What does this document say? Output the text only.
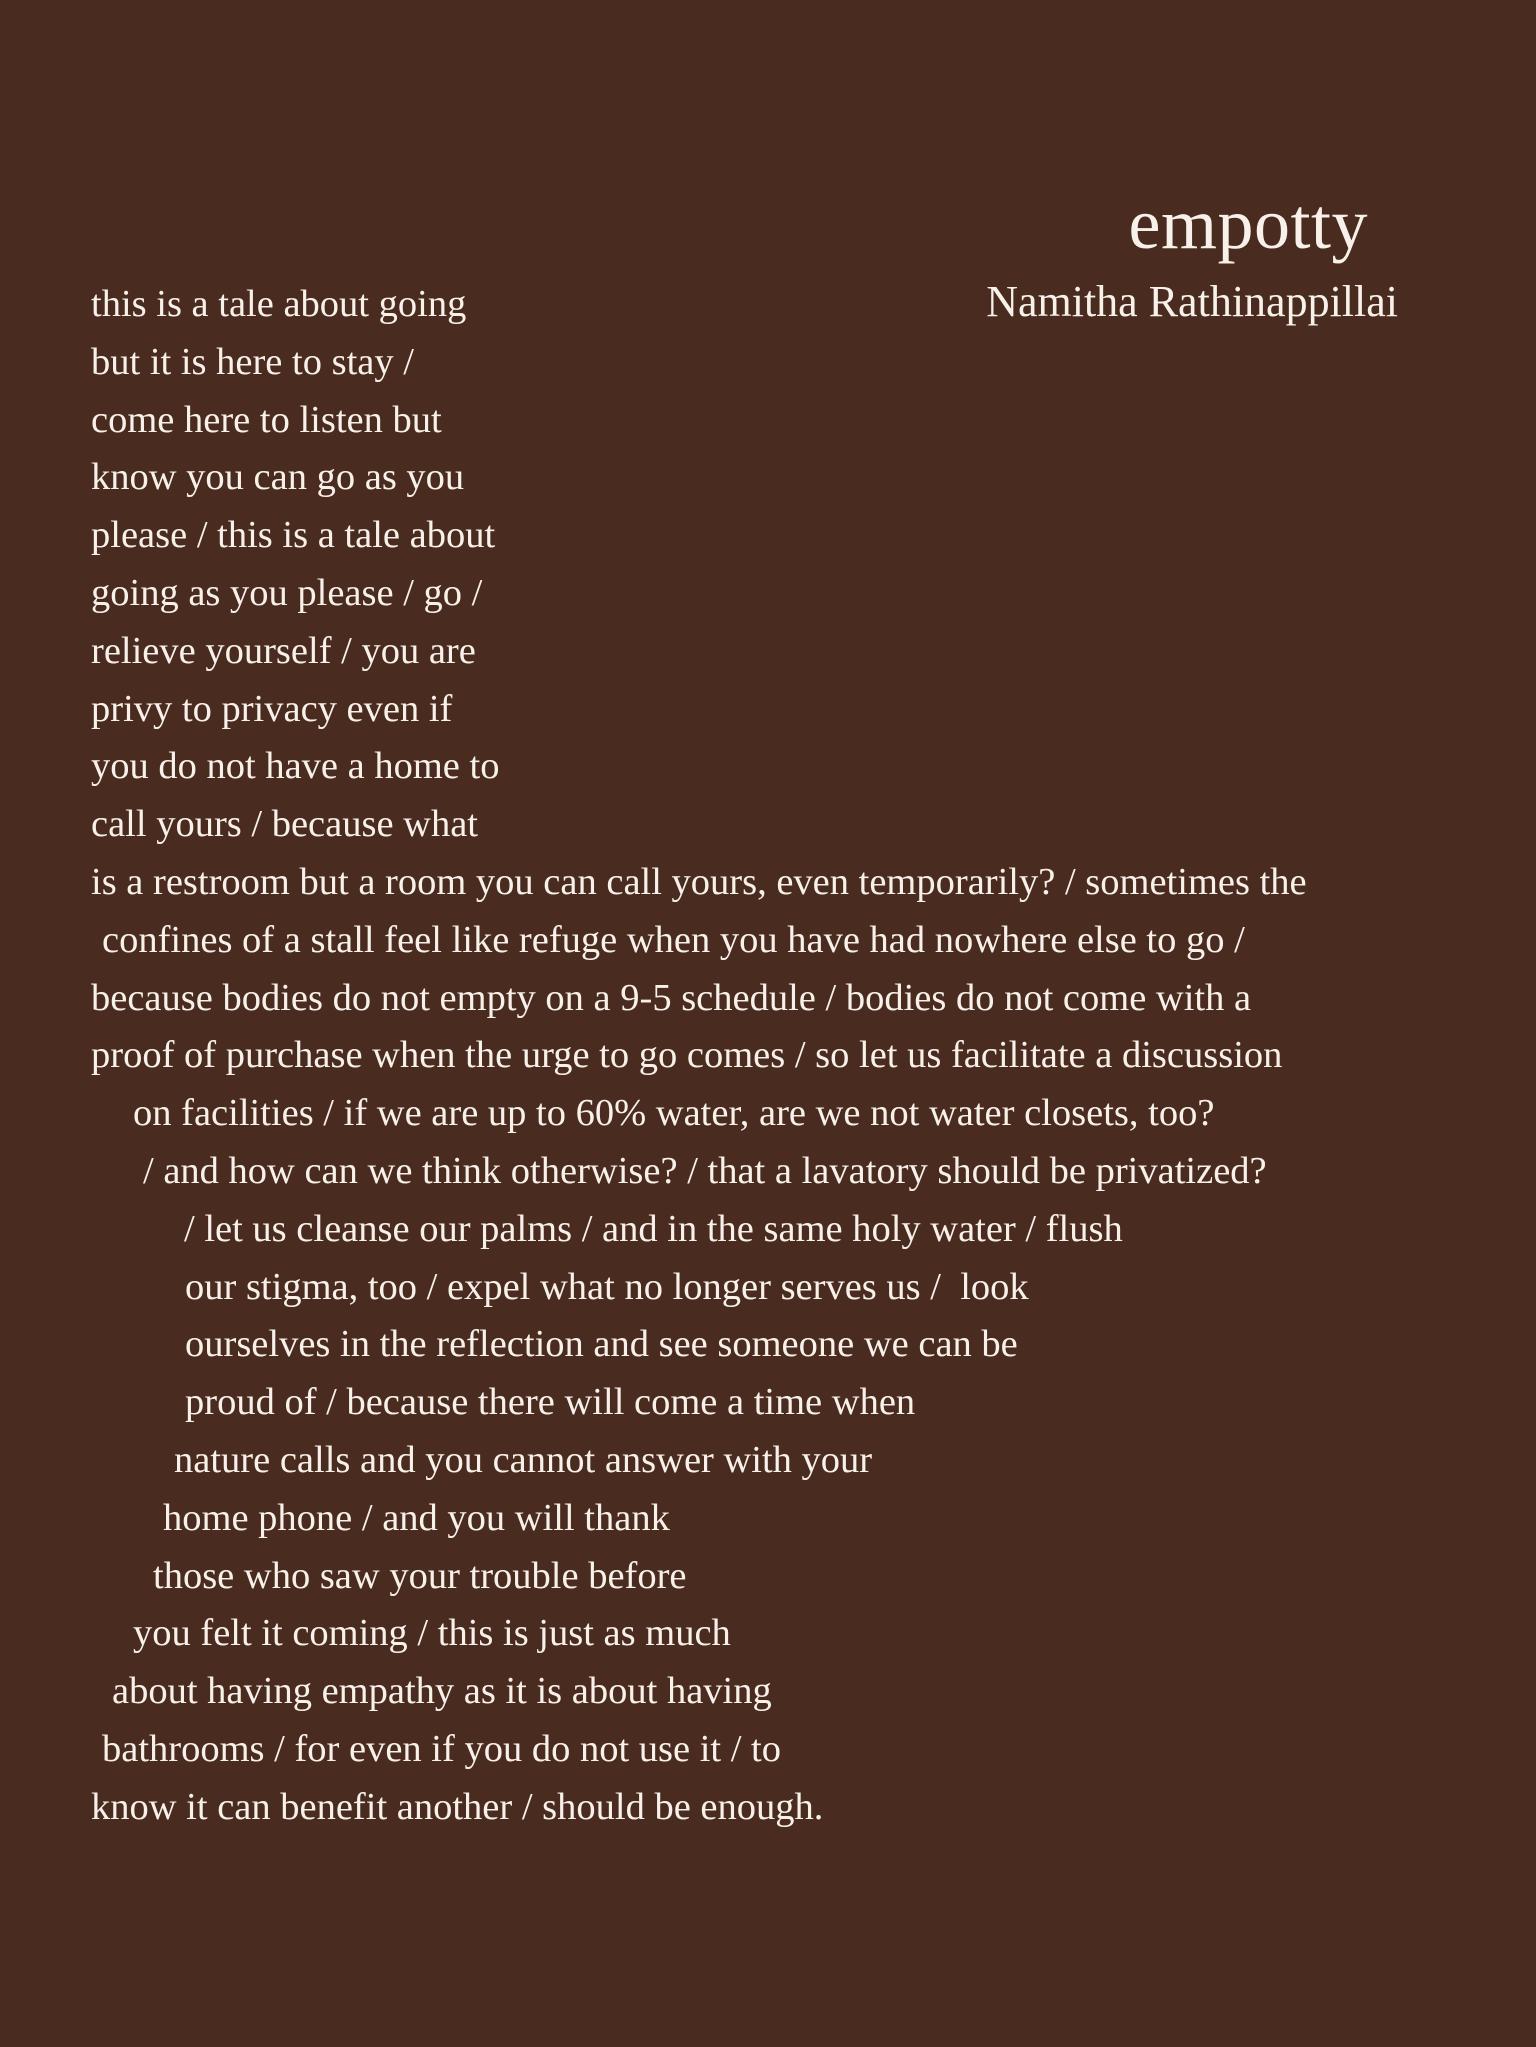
empotty
Namitha Rathinappillai
this is a tale about going
but it is here to stay /
come here to listen but
know you can go as you
please / this is a tale about
going as you please / go /
relieve yourself / you are
privy to privacy even if
you do not have a home to
call yours / because what
is a restroom but a room you can call yours, even temporarily? / sometimes the
confines of a stall feel like refuge when you have had nowhere else to go /
because bodies do not empty on a 9-5 schedule / bodies do not come with a
proof of purchase when the urge to go comes / so let us facilitate a discussion
on facilities / if we are up to 60% water, are we not water closets, too?
/ and how can we think otherwise? / that a lavatory should be privatized?
/ let us cleanse our palms / and in the same holy water / flush
our stigma, too / expel what no longer serves us /  look
ourselves in the reflection and see someone we can be
proud of / because there will come a time when
nature calls and you cannot answer with your
home phone / and you will thank
those who saw your trouble before
you felt it coming / this is just as much
about having empathy as it is about having
bathrooms / for even if you do not use it / to
know it can benefit another / should be enough.
